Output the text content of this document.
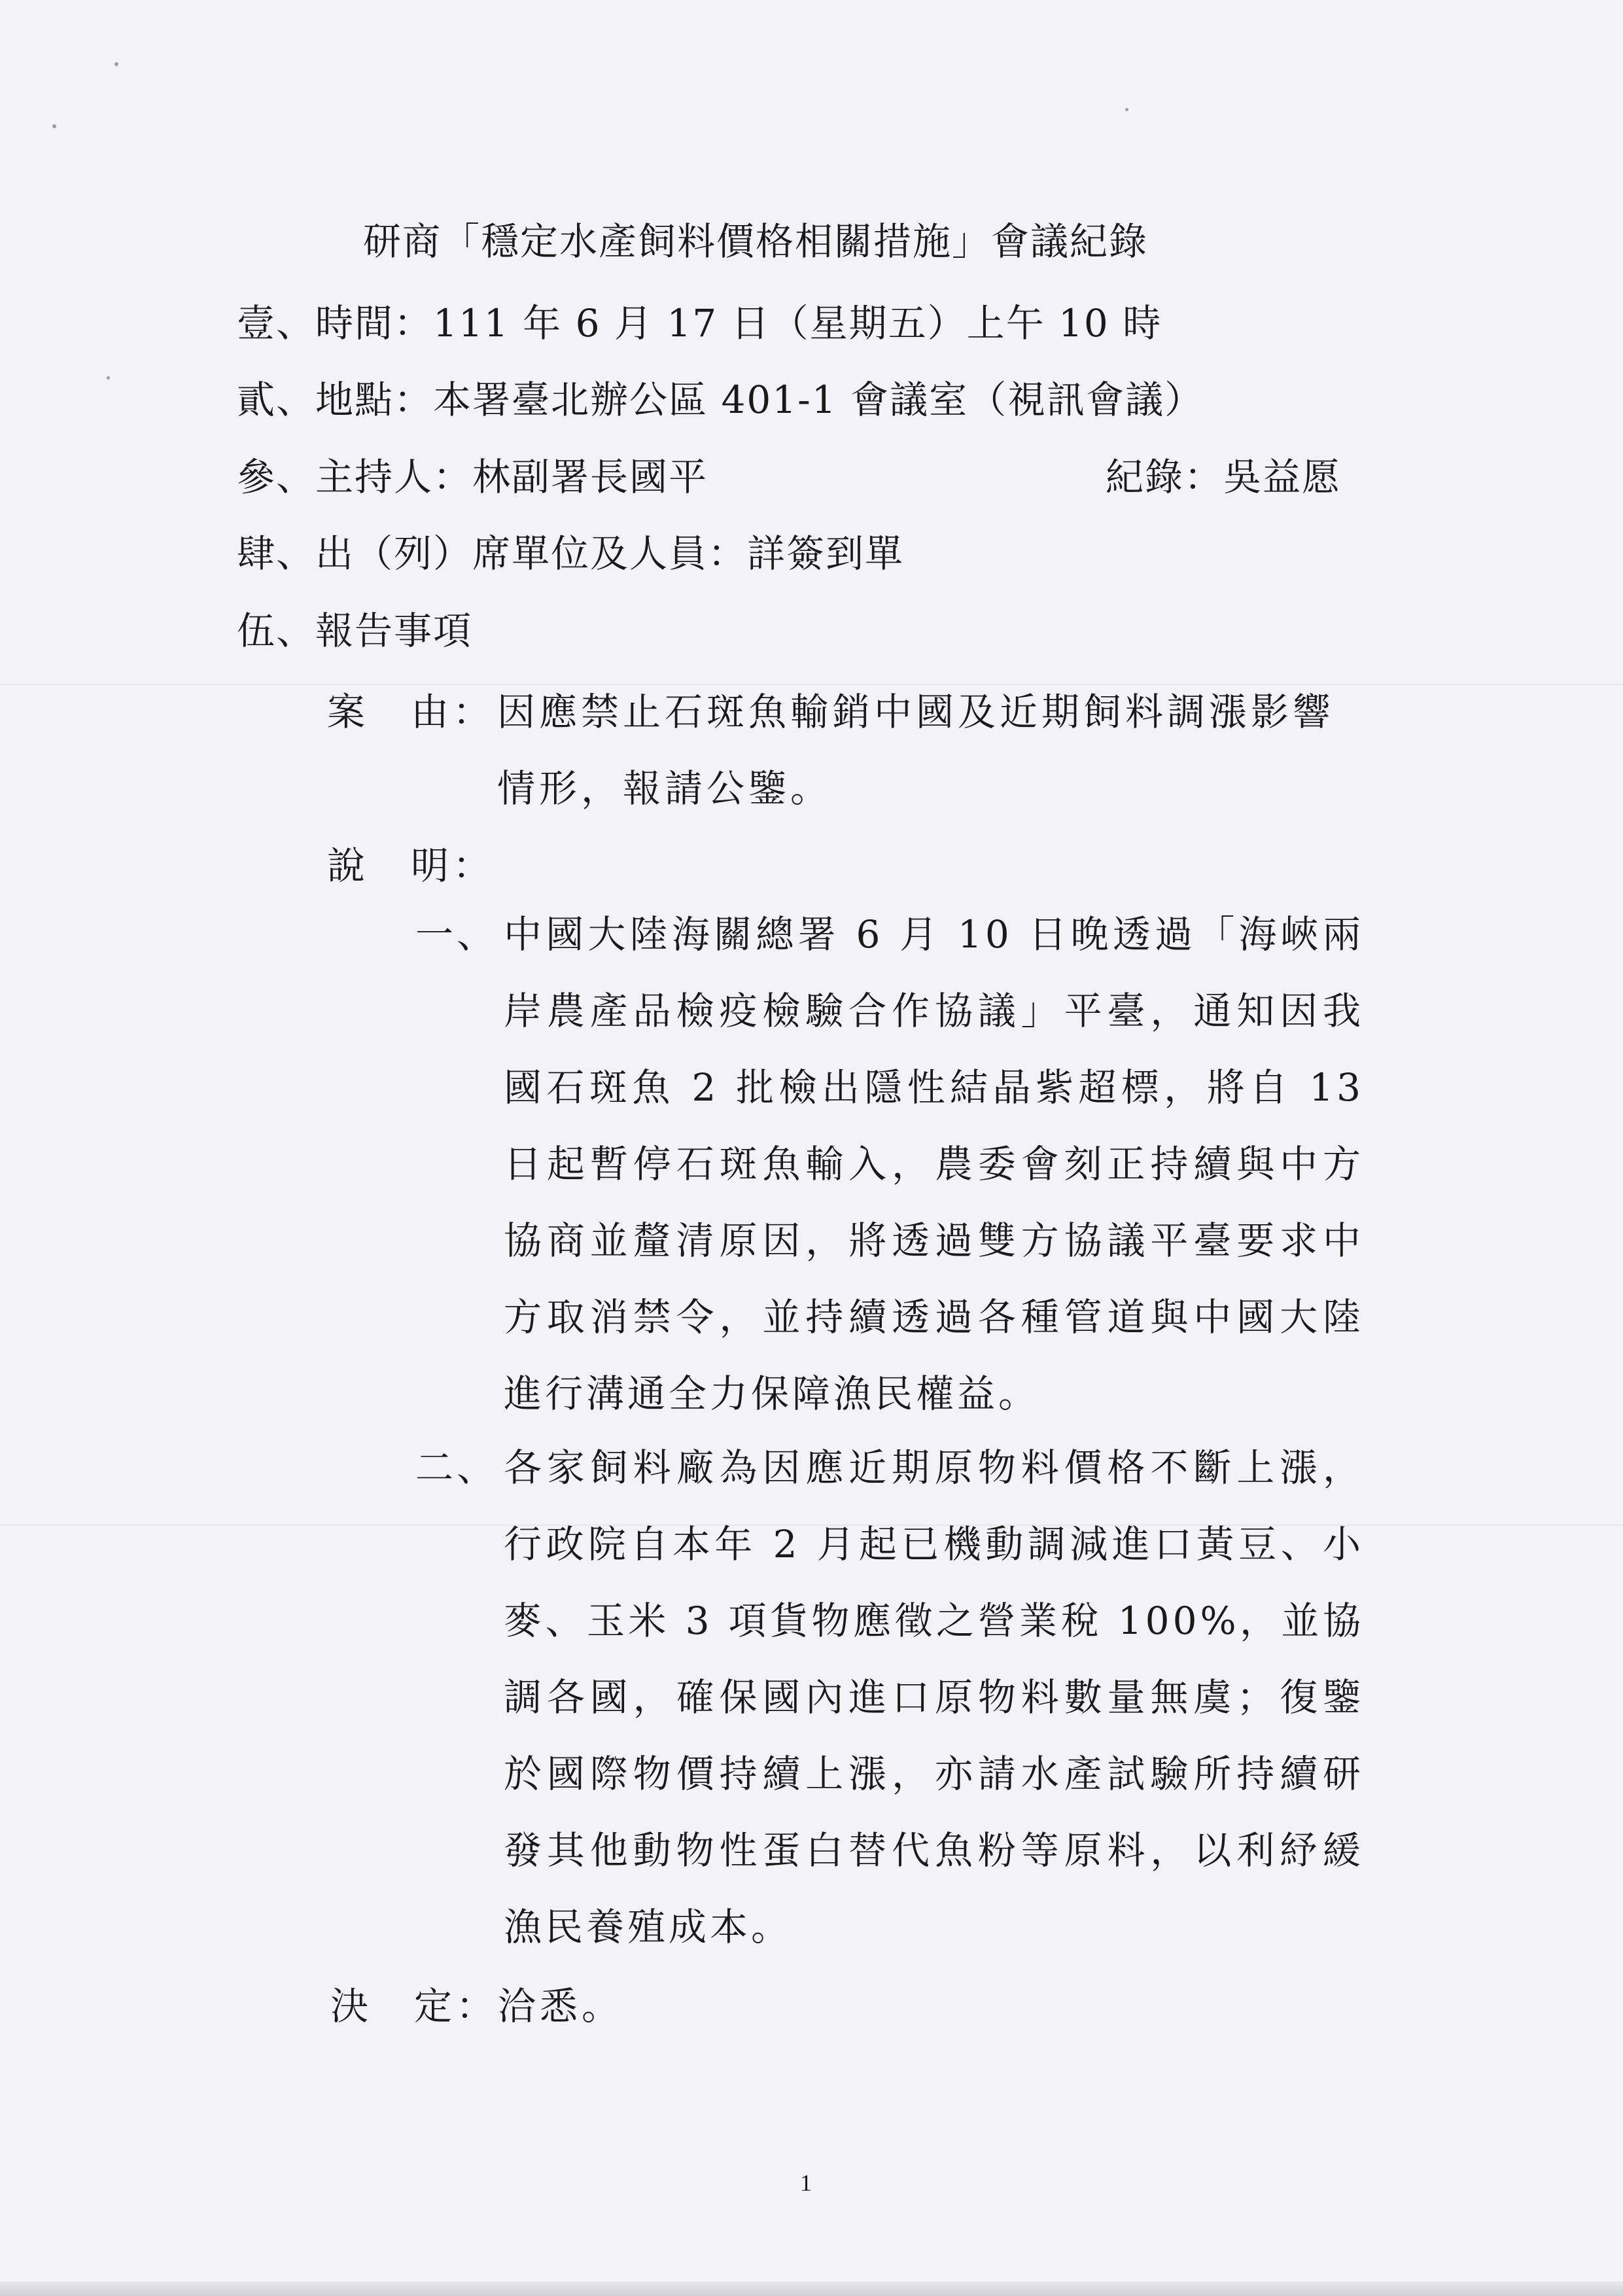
研商「穩定水產飼料價格相關措施」會議紀錄
壹、時間：111 年 6 月 17 日（星期五）上午 10 時
貳、地點：本署臺北辦公區 401-1 會議室（視訊會議）
參、主持人：林副署長國平	紀錄：吳益愿
肆、出（列）席單位及人員：詳簽到單
伍、報告事項
案　由： 因應禁止石斑魚輸銷中國及近期飼料調漲影響情形，報請公鑒。
說　明：
一、 中國大陸海關總署 6 月 10 日晚透過「海峽兩岸農產品檢疫檢驗合作協議」平臺，通知因我國石斑魚 2 批檢出隱性結晶紫超標，將自 13 日起暫停石斑魚輸入，農委會刻正持續與中方協商並釐清原因，將透過雙方協議平臺要求中方取消禁令，並持續透過各種管道與中國大陸進行溝通全力保障漁民權益。
二、 各家飼料廠為因應近期原物料價格不斷上漲，行政院自本年 2 月起已機動調減進口黃豆、小麥、玉米 3 項貨物應徵之營業稅 100%，並協調各國，確保國內進口原物料數量無虞；復鑒於國際物價持續上漲，亦請水產試驗所持續研發其他動物性蛋白替代魚粉等原料，以利紓緩漁民養殖成本。
決　定：洽悉。
1
